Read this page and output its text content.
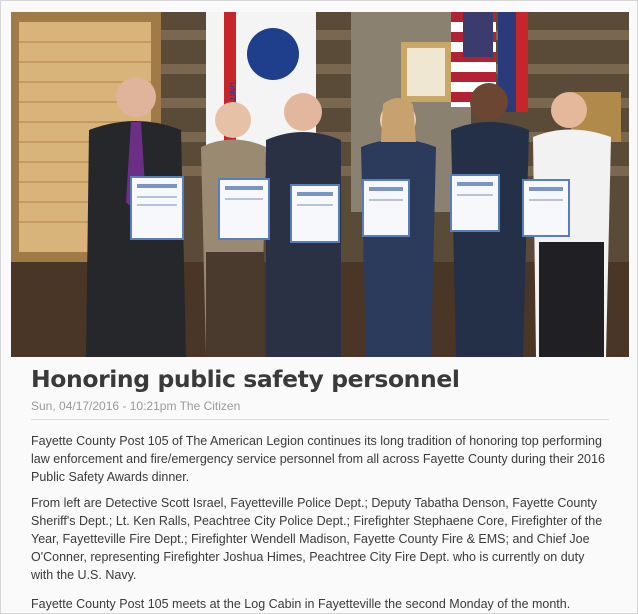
Honoring public safety personnel
Sun, 04/17/2016 - 10:21pm The Citizen

Fayette County Post 105 of The American Legion continues its long tradition of honoring top performing law enforcement and fire/emergency service personnel from all across Fayette County during their 2016 Public Safety Awards dinner.

From left are Detective Scott Israel, Fayetteville Police Dept.; Deputy Tabatha Denson, Fayette County Sheriff's Dept.; Lt. Ken Ralls, Peachtree City Police Dept.; Firefighter Stephaene Core, Firefighter of the Year, Fayetteville Fire Dept.; Firefighter Wendell Madison, Fayette County Fire & EMS; and Chief Joe O'Conner, representing Firefighter Joshua Himes, Peachtree City Fire Dept. who is currently on duty with the U.S. Navy.

Fayette County Post 105 meets at the Log Cabin in Fayetteville the second Monday of the month.
